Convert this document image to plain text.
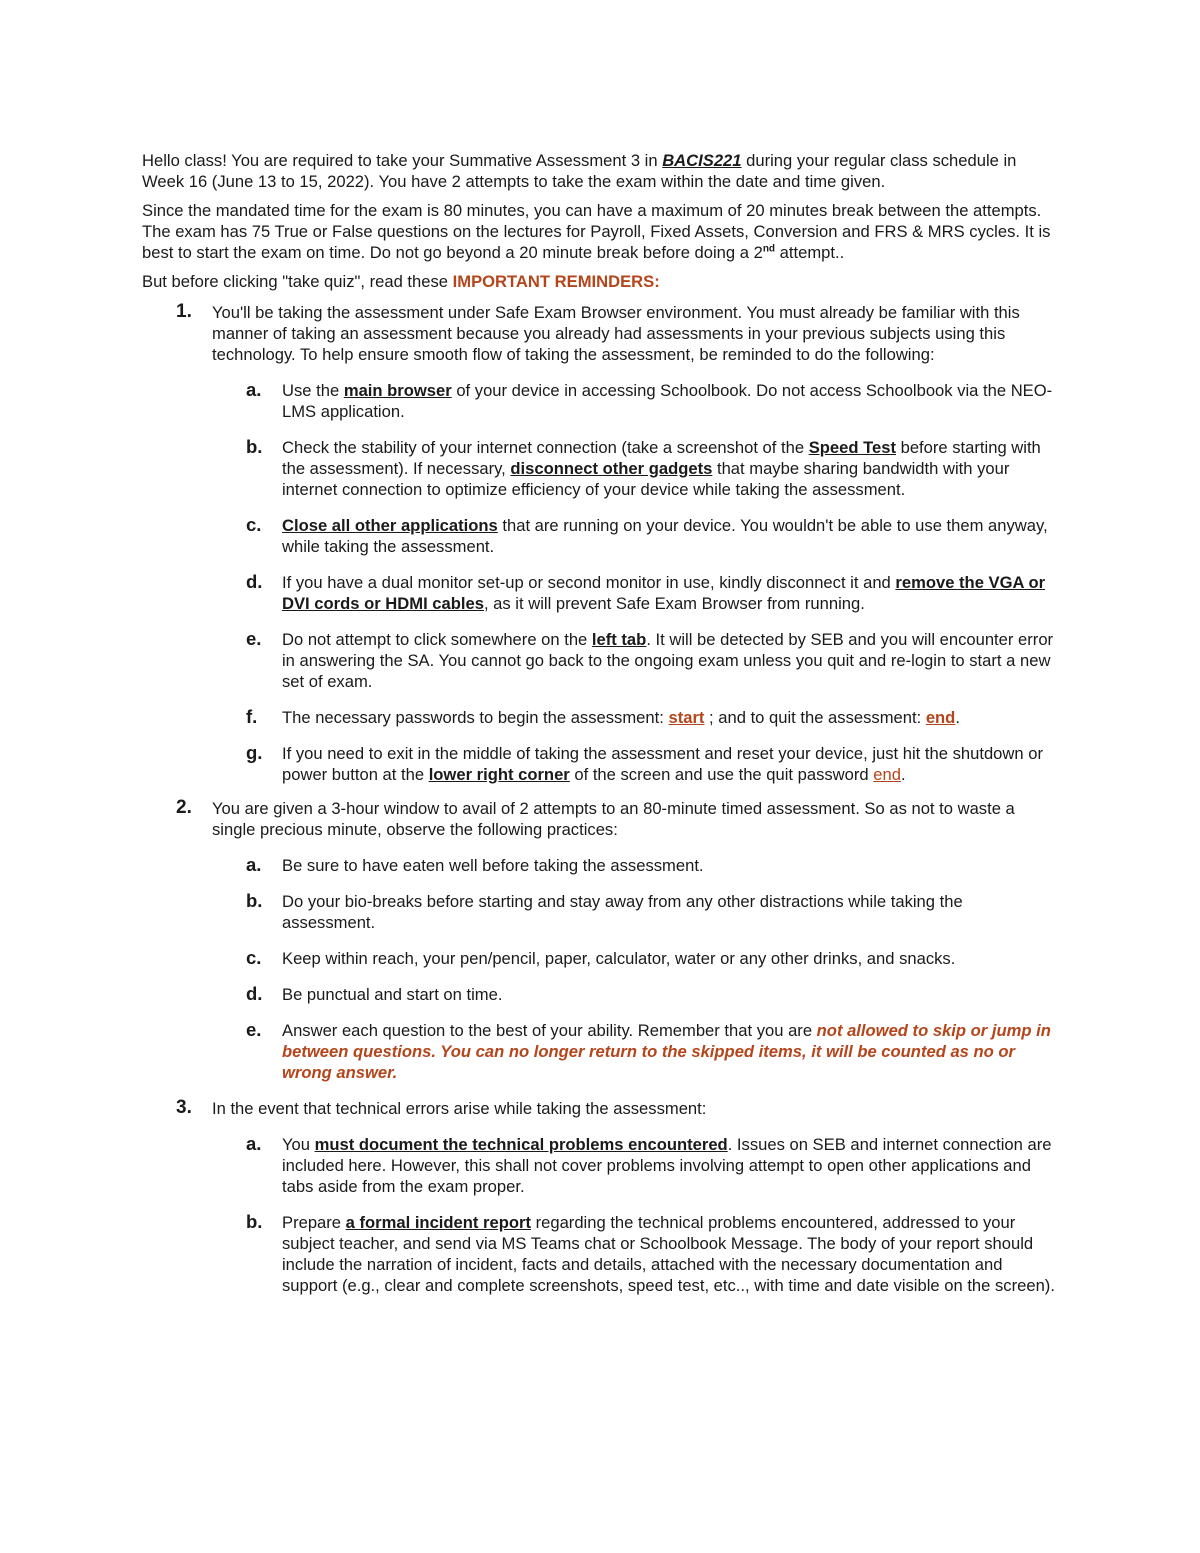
Hello class! You are required to take your Summative Assessment 3 in BACIS221 during your regular class schedule in Week 16 (June 13 to 15, 2022). You have 2 attempts to take the exam within the date and time given.

Since the mandated time for the exam is 80 minutes, you can have a maximum of 20 minutes break between the attempts. The exam has 75 True or False questions on the lectures for Payroll, Fixed Assets, Conversion and FRS & MRS cycles. It is best to start the exam on time. Do not go beyond a 20 minute break before doing a 2nd attempt..

But before clicking "take quiz", read these IMPORTANT REMINDERS:

1. You'll be taking the assessment under Safe Exam Browser environment. You must already be familiar with this manner of taking an assessment because you already had assessments in your previous subjects using this technology. To help ensure smooth flow of taking the assessment, be reminded to do the following:

a. Use the main browser of your device in accessing Schoolbook. Do not access Schoolbook via the NEO-LMS application.

b. Check the stability of your internet connection (take a screenshot of the Speed Test before starting with the assessment). If necessary, disconnect other gadgets that maybe sharing bandwidth with your internet connection to optimize efficiency of your device while taking the assessment.

c. Close all other applications that are running on your device. You wouldn't be able to use them anyway, while taking the assessment.

d. If you have a dual monitor set-up or second monitor in use, kindly disconnect it and remove the VGA or DVI cords or HDMI cables, as it will prevent Safe Exam Browser from running.

e. Do not attempt to click somewhere on the left tab. It will be detected by SEB and you will encounter error in answering the SA. You cannot go back to the ongoing exam unless you quit and re-login to start a new set of exam.

f. The necessary passwords to begin the assessment: start ; and to quit the assessment: end.

g. If you need to exit in the middle of taking the assessment and reset your device, just hit the shutdown or power button at the lower right corner of the screen and use the quit password end.

2. You are given a 3-hour window to avail of 2 attempts to an 80-minute timed assessment. So as not to waste a single precious minute, observe the following practices:

a. Be sure to have eaten well before taking the assessment.

b. Do your bio-breaks before starting and stay away from any other distractions while taking the assessment.

c. Keep within reach, your pen/pencil, paper, calculator, water or any other drinks, and snacks.

d. Be punctual and start on time.

e. Answer each question to the best of your ability. Remember that you are not allowed to skip or jump in between questions. You can no longer return to the skipped items, it will be counted as no or wrong answer.

3. In the event that technical errors arise while taking the assessment:

a. You must document the technical problems encountered. Issues on SEB and internet connection are included here. However, this shall not cover problems involving attempt to open other applications and tabs aside from the exam proper.

b. Prepare a formal incident report regarding the technical problems encountered, addressed to your subject teacher, and send via MS Teams chat or Schoolbook Message. The body of your report should include the narration of incident, facts and details, attached with the necessary documentation and support (e.g., clear and complete screenshots, speed test, etc.., with time and date visible on the screen).
